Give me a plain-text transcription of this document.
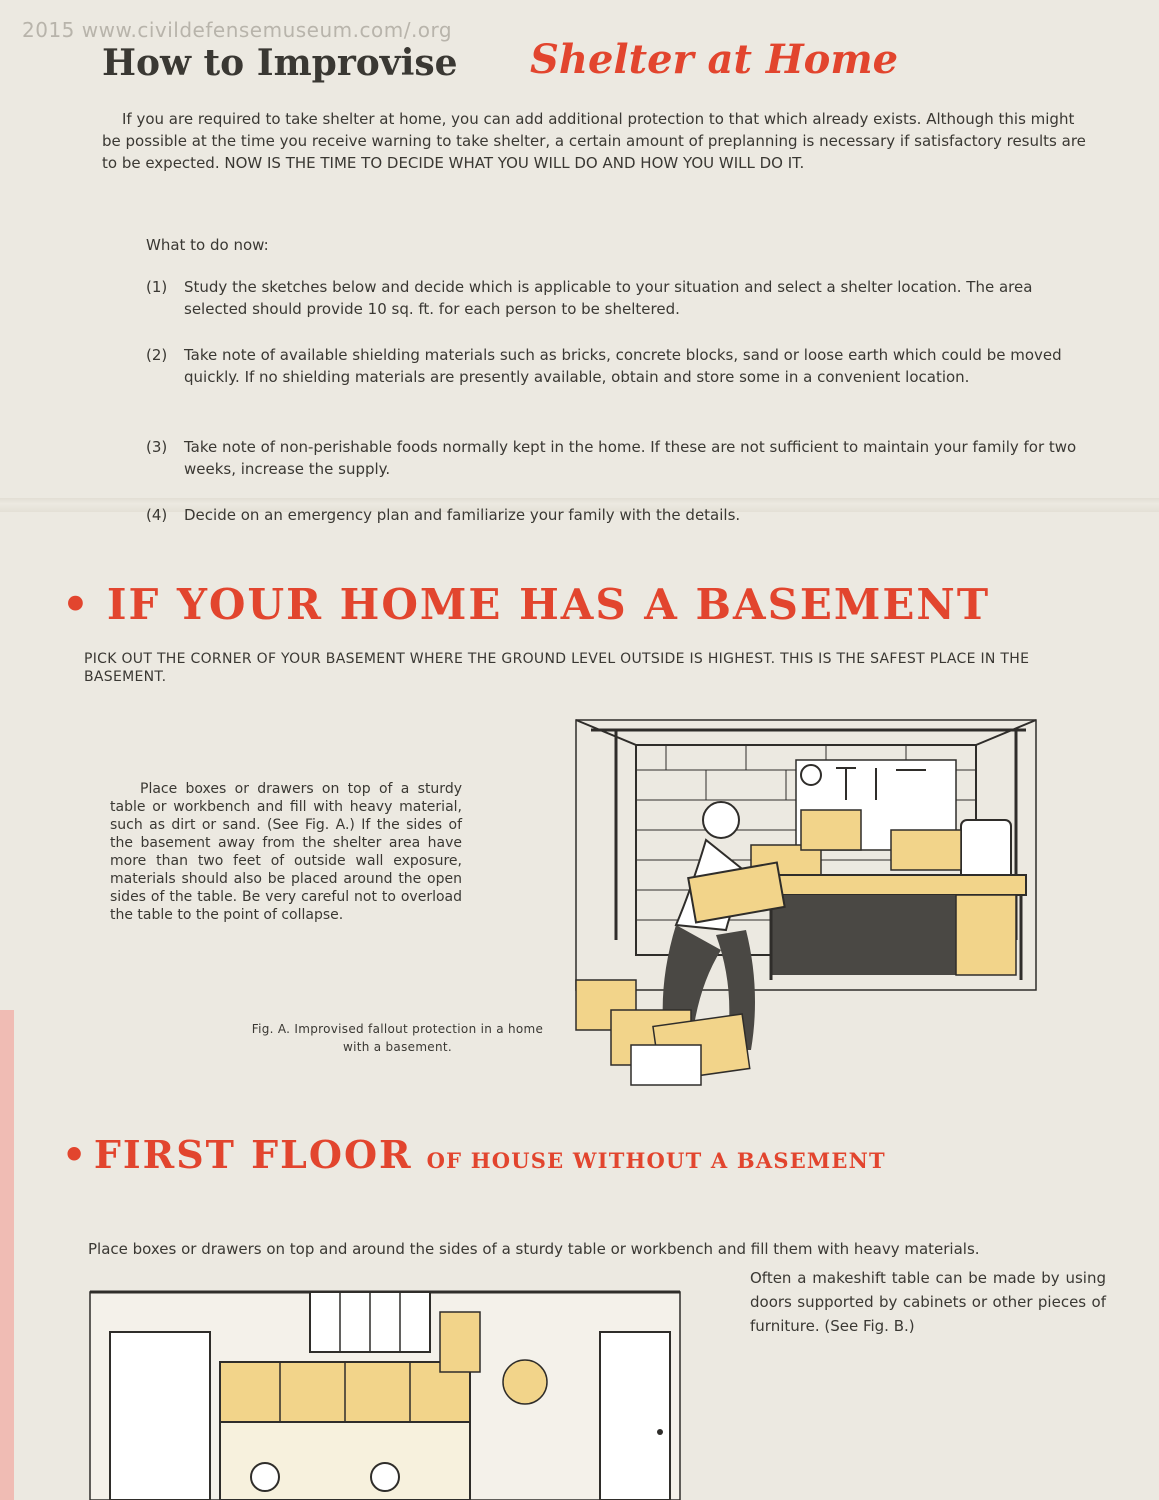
2015 www.civildefensemuseum.com/.org
How to Improvise Shelter at Home
If you are required to take shelter at home, you can add additional protection to that which already exists. Although this might be possible at the time you receive warning to take shelter, a certain amount of preplanning is necessary if satisfactory results are to be expected. NOW IS THE TIME TO DECIDE WHAT YOU WILL DO AND HOW YOU WILL DO IT.
What to do now:
(1)	Study the sketches below and decide which is applicable to your situation and select a shelter location. The area selected should provide 10 sq. ft. for each person to be sheltered.
(2)	Take note of available shielding materials such as bricks, concrete blocks, sand or loose earth which could be moved quickly. If no shielding materials are presently available, obtain and store some in a convenient location.
(3)	Take note of non-perishable foods normally kept in the home. If these are not sufficient to maintain your family for two weeks, increase the supply.
(4)	Decide on an emergency plan and familiarize your family with the details.
• IF YOUR HOME HAS A BASEMENT
PICK OUT THE CORNER OF YOUR BASEMENT WHERE THE GROUND LEVEL OUTSIDE IS HIGHEST. THIS IS THE SAFEST PLACE IN THE BASEMENT.
Place boxes or drawers on top of a sturdy table or workbench and fill with heavy material, such as dirt or sand. (See Fig. A.) If the sides of the basement away from the shelter area have more than two feet of outside wall exposure, materials should also be placed around the open sides of the table. Be very careful not to overload the table to the point of collapse.
Fig. A. Improvised fallout protection in a home with a basement.
• FIRST FLOOR OF HOUSE WITHOUT A BASEMENT
Place boxes or drawers on top and around the sides of a sturdy table or workbench and fill them with heavy materials.
Often a makeshift table can be made by using doors supported by cabinets or other pieces of furniture. (See Fig. B.)
